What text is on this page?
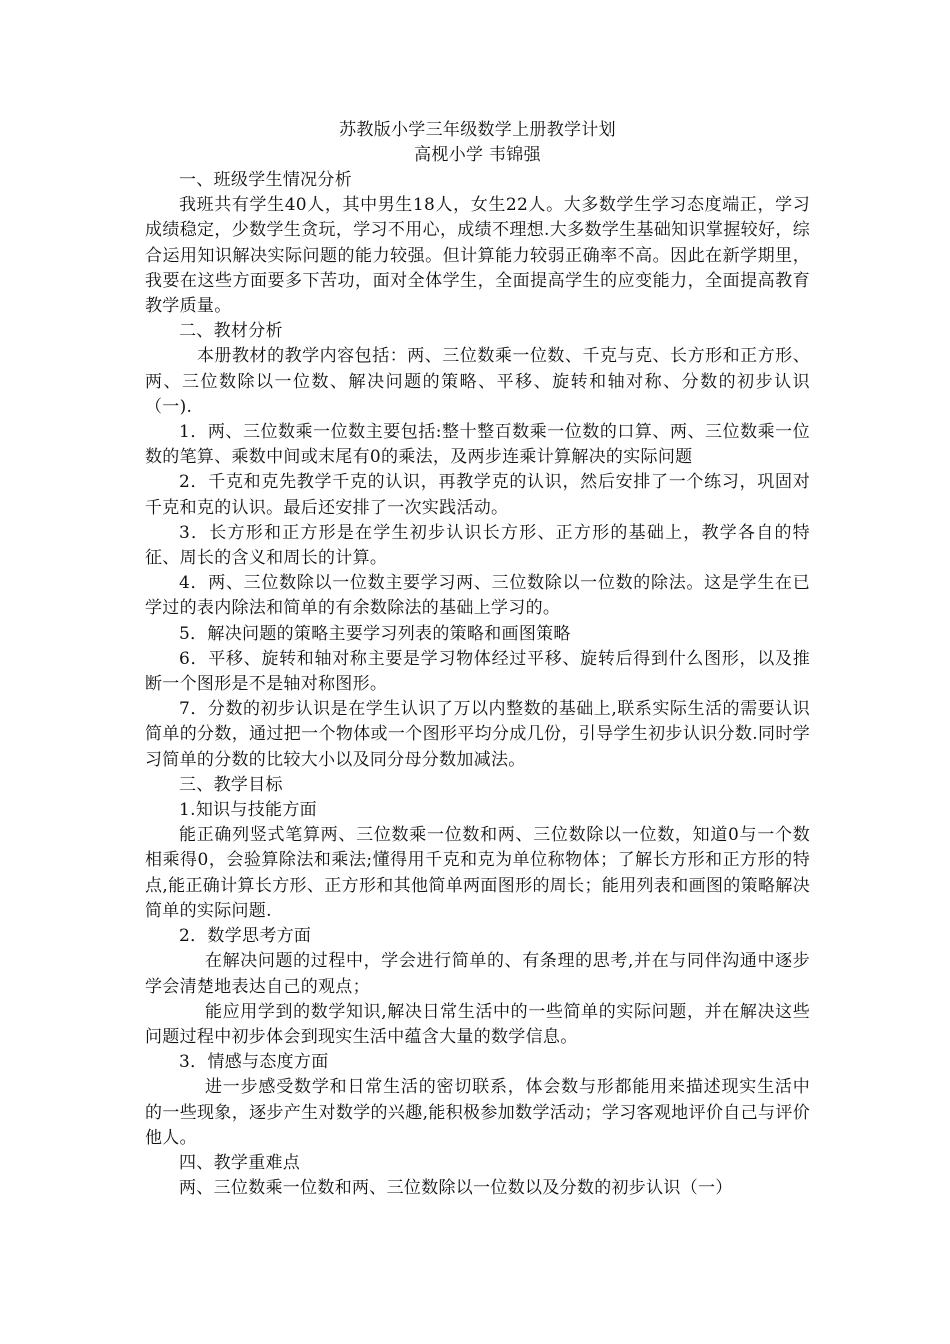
苏教版小学三年级数学上册教学计划

高枧小学 韦锦强

一、班级学生情况分析

我班共有学生40人，其中男生18人，女生22人。大多数学生学习态度端正，学习成绩稳定，少数学生贪玩，学习不用心，成绩不理想.大多数学生基础知识掌握较好，综合运用知识解决实际问题的能力较强。但计算能力较弱正确率不高。因此在新学期里，我要在这些方面要多下苦功，面对全体学生，全面提高学生的应变能力，全面提高教育教学质量。

二、教材分析

本册教材的教学内容包括：两、三位数乘一位数、千克与克、长方形和正方形、两、三位数除以一位数、解决问题的策略、平移、旋转和轴对称、分数的初步认识（一).

1．两、三位数乘一位数主要包括:整十整百数乘一位数的口算、两、三位数乘一位数的笔算、乘数中间或末尾有0的乘法，及两步连乘计算解决的实际问题

2．千克和克先教学千克的认识，再教学克的认识，然后安排了一个练习，巩固对千克和克的认识。最后还安排了一次实践活动。

3．长方形和正方形是在学生初步认识长方形、正方形的基础上，教学各自的特征、周长的含义和周长的计算。

4．两、三位数除以一位数主要学习两、三位数除以一位数的除法。这是学生在已学过的表内除法和简单的有余数除法的基础上学习的。

5．解决问题的策略主要学习列表的策略和画图策略

6．平移、旋转和轴对称主要是学习物体经过平移、旋转后得到什么图形，以及推断一个图形是不是轴对称图形。

7．分数的初步认识是在学生认识了万以内整数的基础上,联系实际生活的需要认识简单的分数，通过把一个物体或一个图形平均分成几份，引导学生初步认识分数.同时学习简单的分数的比较大小以及同分母分数加减法。

三、教学目标

1.知识与技能方面

能正确列竖式笔算两、三位数乘一位数和两、三位数除以一位数，知道0与一个数相乘得0，会验算除法和乘法;懂得用千克和克为单位称物体；了解长方形和正方形的特点,能正确计算长方形、正方形和其他简单两面图形的周长；能用列表和画图的策略解决简单的实际问题.

2．数学思考方面

在解决问题的过程中，学会进行简单的、有条理的思考,并在与同伴沟通中逐步学会清楚地表达自己的观点；

能应用学到的数学知识,解决日常生活中的一些简单的实际问题，并在解决这些问题过程中初步体会到现实生活中蕴含大量的数学信息。

3．情感与态度方面

进一步感受数学和日常生活的密切联系，体会数与形都能用来描述现实生活中的一些现象，逐步产生对数学的兴趣,能积极参加数学活动；学习客观地评价自己与评价他人。

四、教学重难点

两、三位数乘一位数和两、三位数除以一位数以及分数的初步认识（一）
